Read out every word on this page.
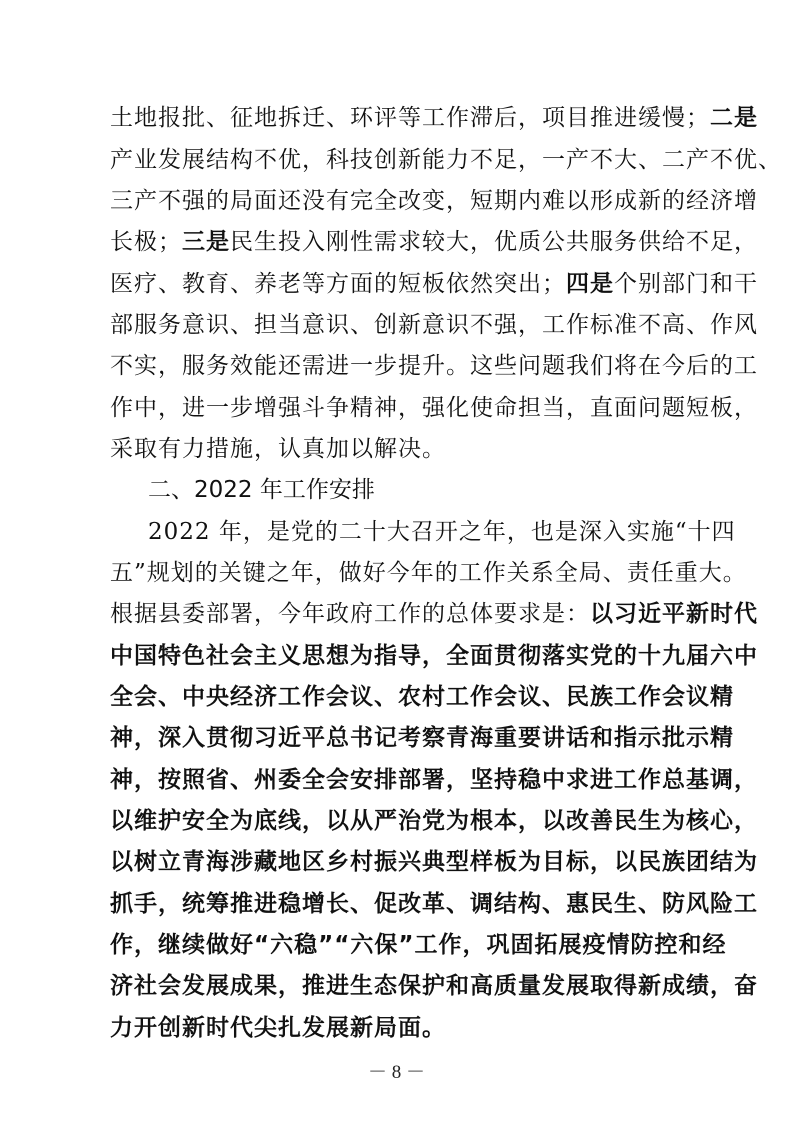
土地报批、征地拆迁、环评等工作滞后，项目推进缓慢；二是
产业发展结构不优，科技创新能力不足，一产不大、二产不优、
三产不强的局面还没有完全改变，短期内难以形成新的经济增
长极；三是民生投入刚性需求较大，优质公共服务供给不足，
医疗、教育、养老等方面的短板依然突出；四是个别部门和干
部服务意识、担当意识、创新意识不强，工作标准不高、作风
不实，服务效能还需进一步提升。这些问题我们将在今后的工
作中，进一步增强斗争精神，强化使命担当，直面问题短板，
采取有力措施，认真加以解决。
二、2022 年工作安排
2022 年，是党的二十大召开之年，也是深入实施“十四
五”规划的关键之年，做好今年的工作关系全局、责任重大。
根据县委部署，今年政府工作的总体要求是：以习近平新时代
中国特色社会主义思想为指导，全面贯彻落实党的十九届六中
全会、中央经济工作会议、农村工作会议、民族工作会议精
神，深入贯彻习近平总书记考察青海重要讲话和指示批示精
神，按照省、州委全会安排部署，坚持稳中求进工作总基调，
以维护安全为底线，以从严治党为根本，以改善民生为核心，
以树立青海涉藏地区乡村振兴典型样板为目标，以民族团结为
抓手，统筹推进稳增长、促改革、调结构、惠民生、防风险工
作，继续做好“六稳”“六保”工作，巩固拓展疫情防控和经
济社会发展成果，推进生态保护和高质量发展取得新成绩，奋
力开创新时代尖扎发展新局面。
－ 8 －
